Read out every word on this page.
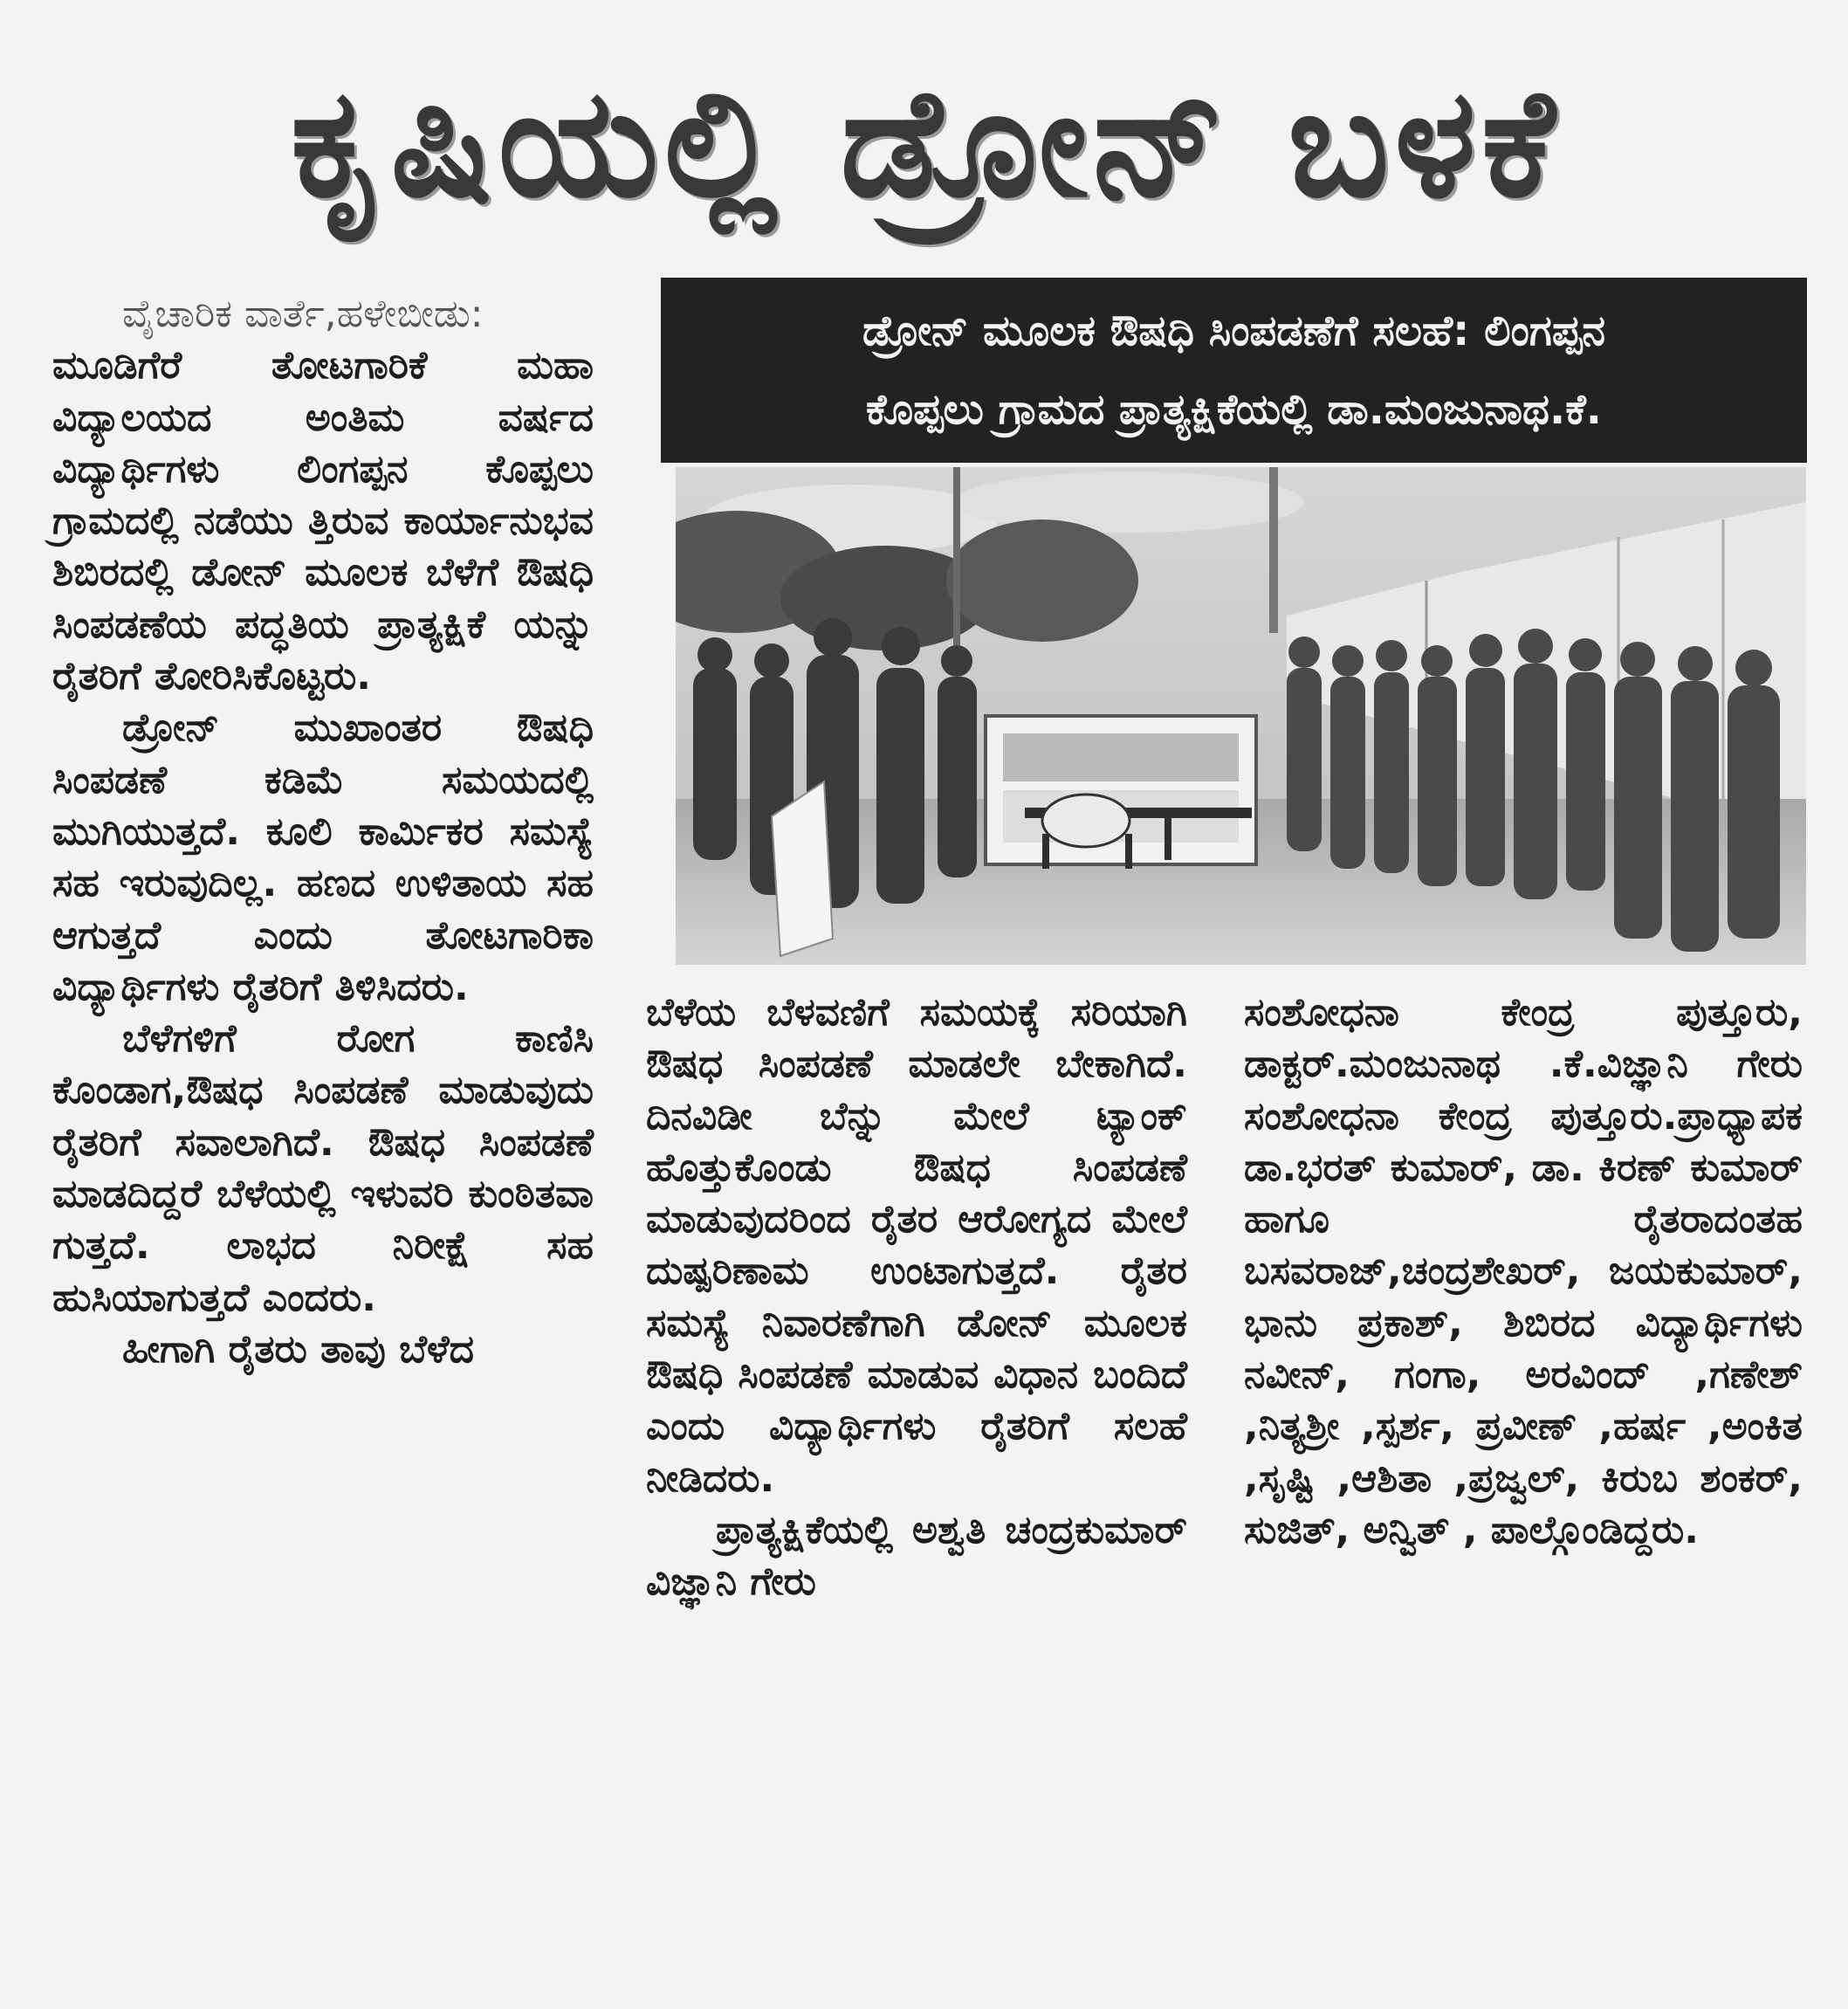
ಕೃಷಿಯಲ್ಲಿ ಡ್ರೋನ್ ಬಳಕೆ
ಡ್ರೋನ್ ಮೂಲಕ ಔಷಧಿ ಸಿಂಪಡಣೆಗೆ ಸಲಹೆ: ಲಿಂಗಪ್ಪನ
ಕೊಪ್ಪಲು ಗ್ರಾಮದ ಪ್ರಾತ್ಯಕ್ಷಿಕೆಯಲ್ಲಿ ಡಾ.ಮಂಜುನಾಥ.ಕೆ.

ವೈಚಾರಿಕ ವಾರ್ತೆ,ಹಳೇಬೀಡು:

ಮೂಡಿಗೆರೆ ತೋಟಗಾರಿಕೆ ಮಹಾ ವಿದ್ಯಾಲಯದ ಅಂತಿಮ ವರ್ಷದ ವಿದ್ಯಾರ್ಥಿಗಳು ಲಿಂಗಪ್ಪನ ಕೊಪ್ಪಲು ಗ್ರಾಮದಲ್ಲಿ ನಡೆಯು ತ್ತಿರುವ ಕಾರ್ಯಾನುಭವ ಶಿಬಿರದಲ್ಲಿ ಡೋನ್ ಮೂಲಕ ಬೆಳೆಗೆ ಔಷಧಿ ಸಿಂಪಡಣೆಯ ಪದ್ಧತಿಯ ಪ್ರಾತ್ಯಕ್ಷಿಕೆ ಯನ್ನು ರೈತರಿಗೆ ತೋರಿಸಿಕೊಟ್ಟರು.

ಡ್ರೋನ್ ಮುಖಾಂತರ ಔಷಧಿ ಸಿಂಪಡಣೆ ಕಡಿಮೆ ಸಮಯದಲ್ಲಿ ಮುಗಿಯುತ್ತದೆ. ಕೂಲಿ ಕಾರ್ಮಿಕರ ಸಮಸ್ಯೆ ಸಹ ಇರುವುದಿಲ್ಲ. ಹಣದ ಉಳಿತಾಯ ಸಹ ಆಗುತ್ತದೆ ಎಂದು ತೋಟಗಾರಿಕಾ ವಿದ್ಯಾರ್ಥಿಗಳು ರೈತರಿಗೆ ತಿಳಿಸಿದರು.

ಬೆಳೆಗಳಿಗೆ ರೋಗ ಕಾಣಿಸಿ ಕೊಂಡಾಗ,ಔಷಧ ಸಿಂಪಡಣೆ ಮಾಡುವುದು ರೈತರಿಗೆ ಸವಾಲಾಗಿದೆ. ಔಷಧ ಸಿಂಪಡಣೆ ಮಾಡದಿದ್ದರೆ ಬೆಳೆಯಲ್ಲಿ ಇಳುವರಿ ಕುಂಠಿತವಾ ಗುತ್ತದೆ. ಲಾಭದ ನಿರೀಕ್ಷೆ ಸಹ ಹುಸಿಯಾಗುತ್ತದೆ ಎಂದರು.

ಹೀಗಾಗಿ ರೈತರು ತಾವು ಬೆಳೆದ

ಬೆಳೆಯ ಬೆಳವಣಿಗೆ ಸಮಯಕ್ಕೆ ಸರಿಯಾಗಿ ಔಷಧ ಸಿಂಪಡಣೆ ಮಾಡಲೇ ಬೇಕಾಗಿದೆ. ದಿನವಿಡೀ ಬೆನ್ನು ಮೇಲೆ ಟ್ಯಾಂಕ್ ಹೊತ್ತುಕೊಂಡು ಔಷಧ ಸಿಂಪಡಣೆ ಮಾಡುವುದರಿಂದ ರೈತರ ಆರೋಗ್ಯದ ಮೇಲೆ ದುಷ್ಪರಿಣಾಮ ಉಂಟಾಗುತ್ತದೆ. ರೈತರ ಸಮಸ್ಯೆ ನಿವಾರಣೆಗಾಗಿ ಡೋನ್ ಮೂಲಕ ಔಷಧಿ ಸಿಂಪಡಣೆ ಮಾಡುವ ವಿಧಾನ ಬಂದಿದೆ ಎಂದು ವಿದ್ಯಾರ್ಥಿಗಳು ರೈತರಿಗೆ ಸಲಹೆ ನೀಡಿದರು.

ಪ್ರಾತ್ಯಕ್ಷಿಕೆಯಲ್ಲಿ ಅಶ್ವತಿ ಚಂದ್ರಕುಮಾರ್ ವಿಜ್ಞಾನಿ ಗೇರು

ಸಂಶೋಧನಾ ಕೇಂದ್ರ ಪುತ್ತೂರು, ಡಾಕ್ಟರ್.ಮಂಜುನಾಥ .ಕೆ.ವಿಜ್ಞಾನಿ ಗೇರು ಸಂಶೋಧನಾ ಕೇಂದ್ರ ಪುತ್ತೂರು.ಪ್ರಾಧ್ಯಾಪಕ ಡಾ.ಭರತ್ ಕುಮಾರ್, ಡಾ. ಕಿರಣ್ ಕುಮಾರ್ ಹಾಗೂ ರೈತರಾದಂತಹ ಬಸವರಾಜ್,ಚಂದ್ರಶೇಖರ್, ಜಯಕುಮಾರ್, ಭಾನು ಪ್ರಕಾಶ್, ಶಿಬಿರದ ವಿದ್ಯಾರ್ಥಿಗಳು ನವೀನ್, ಗಂಗಾ, ಅರವಿಂದ್ ,ಗಣೇಶ್ ,ನಿತ್ಯಶ್ರೀ ,ಸ್ಪರ್ಶ, ಪ್ರವೀಣ್ ,ಹರ್ಷ ,ಅಂಕಿತ ,ಸೃಷ್ಟಿ ,ಆಶಿತಾ ,ಪ್ರಜ್ವಲ್, ಕಿರುಬ ಶಂಕರ್, ಸುಜಿತ್, ಅನ್ವಿತ್ , ಪಾಲ್ಗೊಂಡಿದ್ದರು.
